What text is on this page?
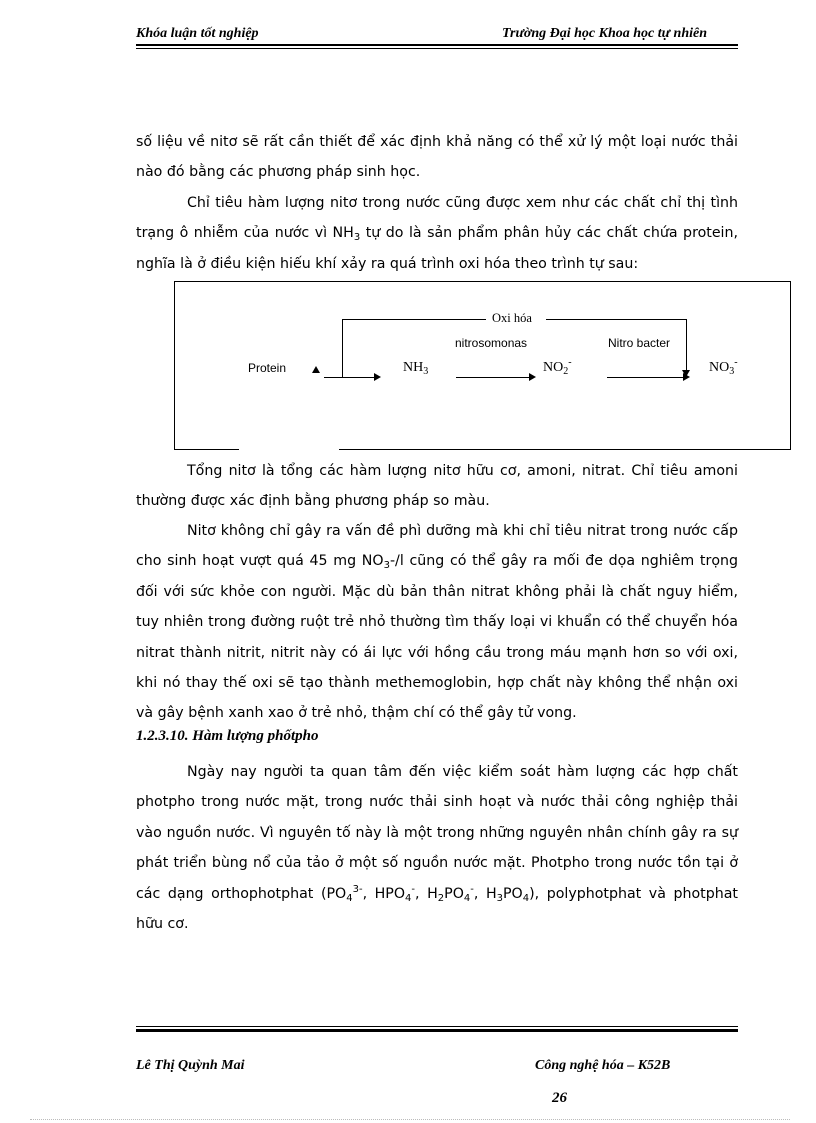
Khóa luận tốt nghiệp	Trường Đại học Khoa học tự nhiên

số liệu về nitơ sẽ rất cần thiết để xác định khả năng có thể xử lý một loại nước thải nào đó bằng các phương pháp sinh học.

Chỉ tiêu hàm lượng nitơ trong nước cũng được xem như các chất chỉ thị tình trạng ô nhiễm của nước vì $NH_3$ tự do là sản phẩm phân hủy các chất chứa protein, nghĩa là ở điều kiện hiếu khí xảy ra quá trình oxi hóa theo trình tự sau:

Oxi hóa
nitrosomonas	Nitro bacter
Protein	$NH_3$	$NO_2^-$	$NO_3^-$

Tổng nitơ là tổng các hàm lượng nitơ hữu cơ, amoni, nitrat. Chỉ tiêu amoni thường được xác định bằng phương pháp so màu.

Nitơ không chỉ gây ra vấn đề phì dưỡng mà khi chỉ tiêu nitrat trong nước cấp cho sinh hoạt vượt quá 45 mg $NO_3-/l$ cũng có thể gây ra mối đe dọa nghiêm trọng đối với sức khỏe con người. Mặc dù bản thân nitrat không phải là chất nguy hiểm, tuy nhiên trong đường ruột trẻ nhỏ thường tìm thấy loại vi khuẩn có thể chuyển hóa nitrat thành nitrit, nitrit này có ái lực với hồng cầu trong máu mạnh hơn so với oxi, khi nó thay thế oxi sẽ tạo thành methemoglobin, hợp chất này không thể nhận oxi và gây bệnh xanh xao ở trẻ nhỏ, thậm chí có thể gây tử vong.

1.2.3.10. Hàm lượng phốtpho

Ngày nay người ta quan tâm đến việc kiểm soát hàm lượng các hợp chất photpho trong nước mặt, trong nước thải sinh hoạt và nước thải công nghiệp thải vào nguồn nước. Vì nguyên tố này là một trong những nguyên nhân chính gây ra sự phát triển bùng nổ của tảo ở một số nguồn nước mặt. Photpho trong nước tồn tại ở các dạng orthophotphat ($PO_4^{3-}$, $HPO_4^-$, $H_2PO_4^-$, $H_3PO_4$), polyphotphat và photphat hữu cơ.

Lê Thị Quỳnh Mai	Công nghệ hóa – K52B
26
